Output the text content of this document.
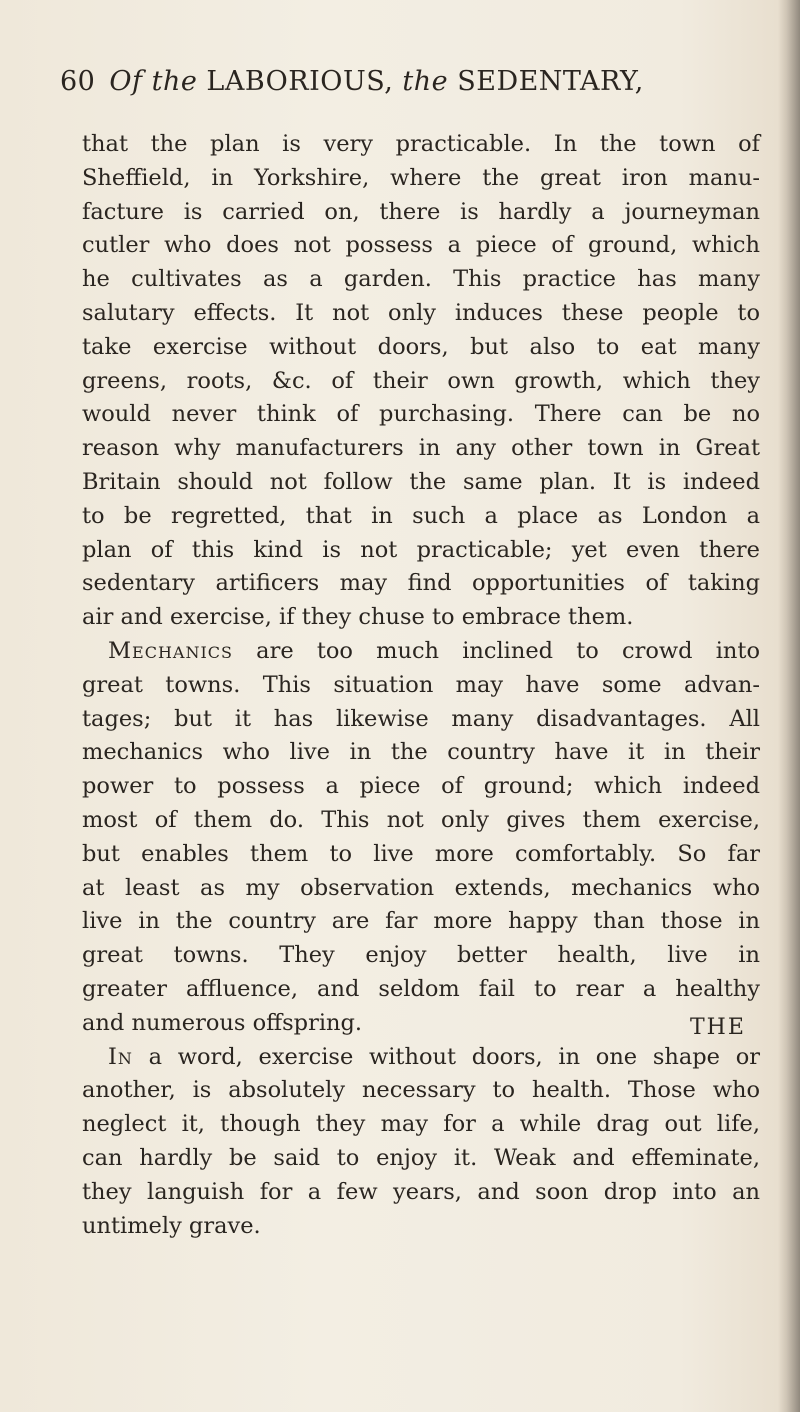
60 Of the LABORIOUS, the SEDENTARY,
that the plan is very practicable. In the town of
Sheffield, in Yorkshire, where the great iron manu-
facture is carried on, there is hardly a journeyman
cutler who does not possess a piece of ground, which
he cultivates as a garden. This practice has many
salutary effects. It not only induces these people to
take exercise without doors, but also to eat many
greens, roots, &c. of their own growth, which they
would never think of purchasing. There can be no
reason why manufacturers in any other town in Great
Britain should not follow the same plan. It is indeed
to be regretted, that in such a place as London a
plan of this kind is not practicable; yet even there
sedentary artificers may find opportunities of taking
air and exercise, if they chuse to embrace them.
Mechanics are too much inclined to crowd into
great towns. This situation may have some advan-
tages; but it has likewise many disadvantages. All
mechanics who live in the country have it in their
power to possess a piece of ground; which indeed
most of them do. This not only gives them exercise,
but enables them to live more comfortably. So far
at least as my observation extends, mechanics who
live in the country are far more happy than those in
great towns. They enjoy better health, live in
greater affluence, and seldom fail to rear a healthy
and numerous offspring.
In a word, exercise without doors, in one shape or
another, is absolutely necessary to health. Those who
neglect it, though they may for a while drag out life,
can hardly be said to enjoy it. Weak and effeminate,
they languish for a few years, and soon drop into an
untimely grave.
THE
